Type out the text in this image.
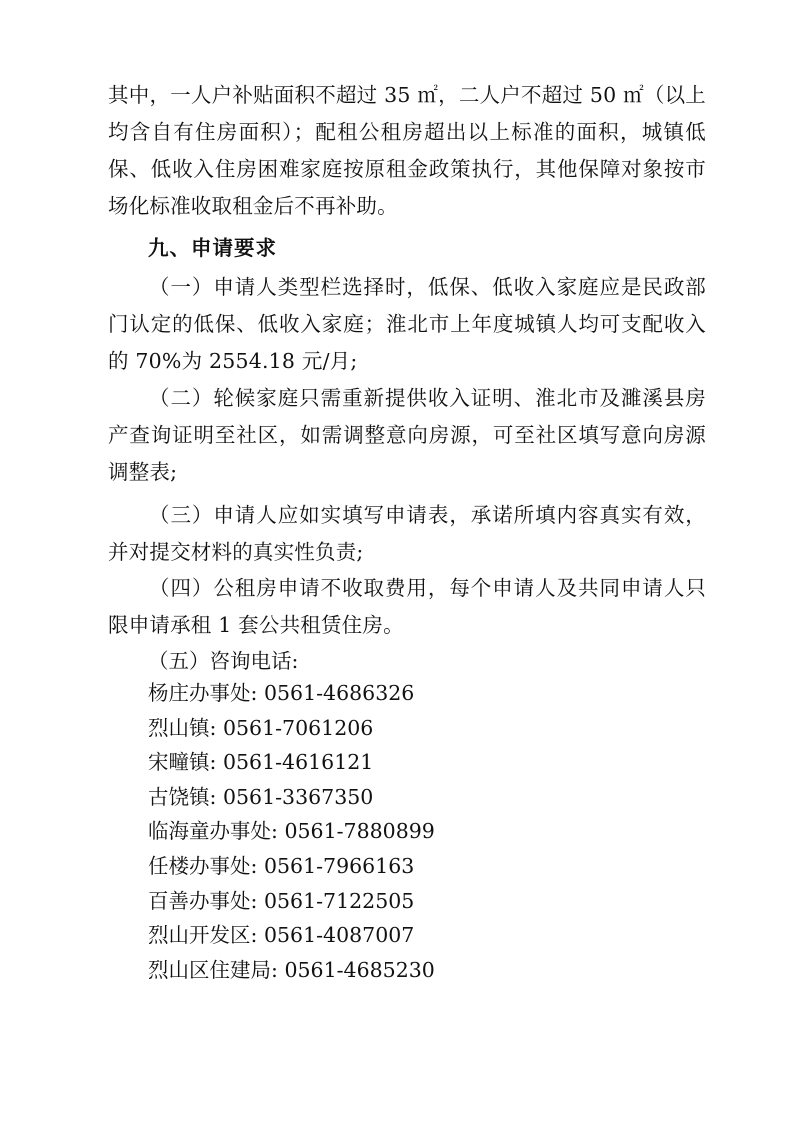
其中，一人户补贴面积不超过 35 ㎡，二人户不超过 50 ㎡（以上均含自有住房面积）；配租公租房超出以上标准的面积，城镇低保、低收入住房困难家庭按原租金政策执行，其他保障对象按市场化标准收取租金后不再补助。

九、申请要求

（一）申请人类型栏选择时，低保、低收入家庭应是民政部门认定的低保、低收入家庭；淮北市上年度城镇人均可支配收入的 70%为 2554.18 元/月;

（二）轮候家庭只需重新提供收入证明、淮北市及濉溪县房产查询证明至社区，如需调整意向房源，可至社区填写意向房源调整表;

（三）申请人应如实填写申请表，承诺所填内容真实有效，并对提交材料的真实性负责;

（四）公租房申请不收取费用，每个申请人及共同申请人只限申请承租 1 套公共租赁住房。

（五）咨询电话:

杨庄办事处: 0561-4686326
烈山镇: 0561-7061206
宋疃镇: 0561-4616121
古饶镇: 0561-3367350
临海童办事处: 0561-7880899
任楼办事处: 0561-7966163
百善办事处: 0561-7122505
烈山开发区: 0561-4087007
烈山区住建局: 0561-4685230
